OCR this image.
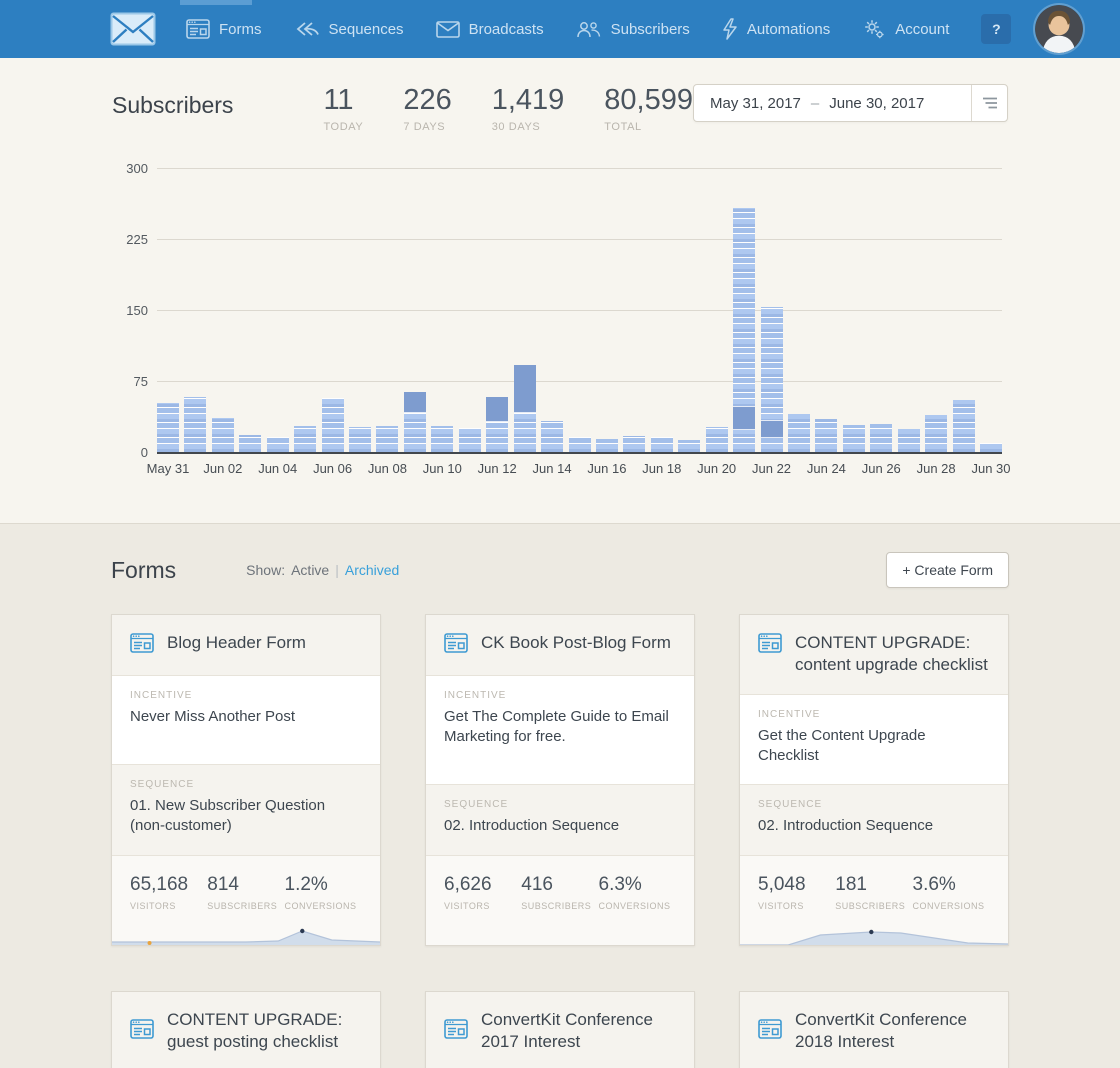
Forms	Sequences	Broadcasts	Subscribers	Automations	Account	?
Subscribers	11
TODAY
226
7 DAYS
1,419
30 DAYS
80,599
TOTAL
May 31, 2017 – June 30, 2017
0
75
150
225
300
May 31 Jun 02 Jun 04 Jun 06 Jun 08 Jun 10 Jun 12 Jun 14 Jun 16 Jun 18 Jun 20 Jun 22 Jun 24 Jun 26 Jun 28 Jun 30
Forms	Show: Active | Archived	+ Create Form
Blog Header Form
INCENTIVE
Never Miss Another Post
SEQUENCE
01. New Subscriber Question (non-customer)
65,168
VISITORS
814
SUBSCRIBERS
1.2%
CONVERSIONS
CK Book Post-Blog Form
INCENTIVE
Get The Complete Guide to Email Marketing for free.
SEQUENCE
02. Introduction Sequence
6,626
VISITORS
416
SUBSCRIBERS
6.3%
CONVERSIONS
CONTENT UPGRADE: content upgrade checklist
INCENTIVE
Get the Content Upgrade Checklist
SEQUENCE
02. Introduction Sequence
5,048
VISITORS
181
SUBSCRIBERS
3.6%
CONVERSIONS
CONTENT UPGRADE: guest posting checklist
ConvertKit Conference 2017 Interest
ConvertKit Conference 2018 Interest
